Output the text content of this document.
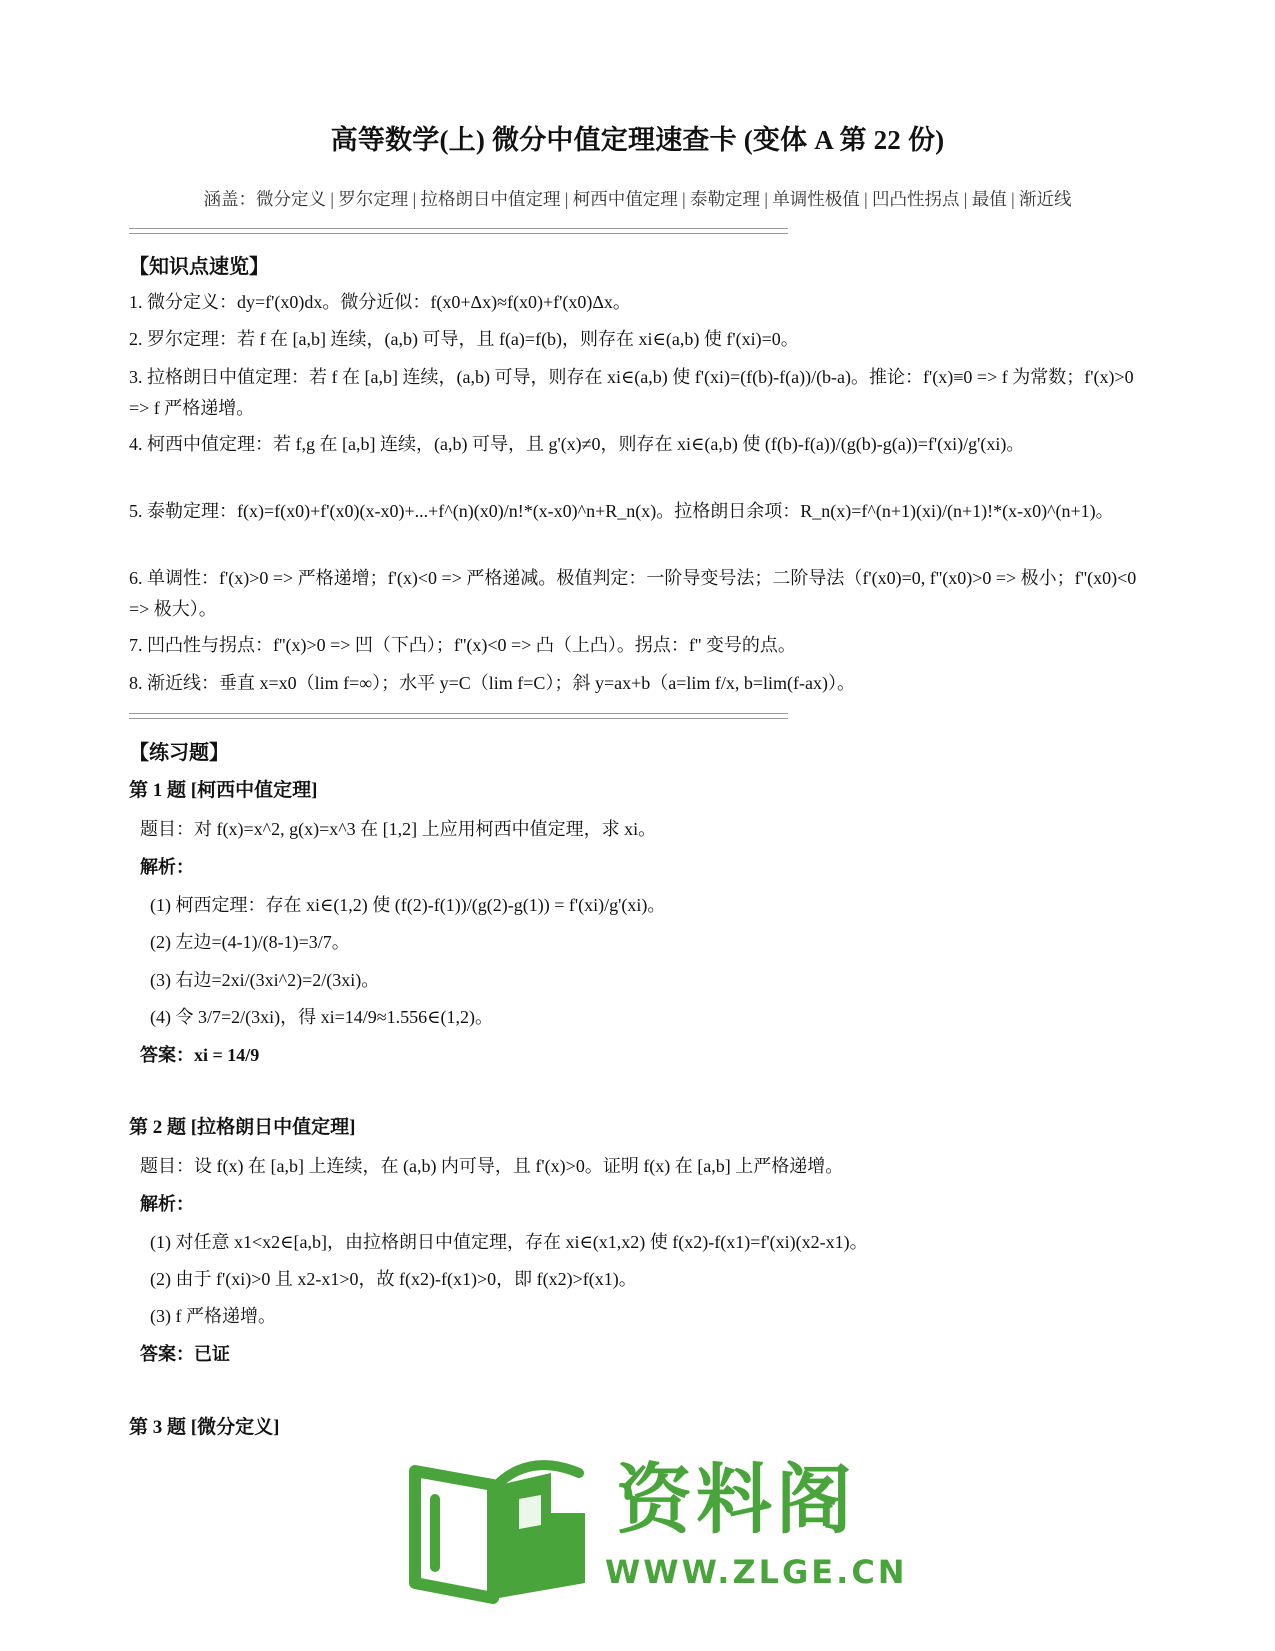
高等数学(上) 微分中值定理速查卡 (变体 A 第 22 份)
涵盖：微分定义 | 罗尔定理 | 拉格朗日中值定理 | 柯西中值定理 | 泰勒定理 | 单调性极值 | 凹凸性拐点 | 最值 | 渐近线
【知识点速览】
1. 微分定义：dy=f'(x0)dx。微分近似：f(x0+Δx)≈f(x0)+f'(x0)Δx。
2. 罗尔定理：若 f 在 [a,b] 连续，(a,b) 可导，且 f(a)=f(b)，则存在 xi∈(a,b) 使 f'(xi)=0。
3. 拉格朗日中值定理：若 f 在 [a,b] 连续，(a,b) 可导，则存在 xi∈(a,b) 使 f'(xi)=(f(b)-f(a))/(b-a)。推论：f'(x)≡0 => f 为常数；f'(x)>0 => f 严格递增。
4. 柯西中值定理：若 f,g 在 [a,b] 连续，(a,b) 可导，且 g'(x)≠0，则存在 xi∈(a,b) 使 (f(b)-f(a))/(g(b)-g(a))=f'(xi)/g'(xi)。
5. 泰勒定理：f(x)=f(x0)+f'(x0)(x-x0)+...+f^(n)(x0)/n!*(x-x0)^n+R_n(x)。拉格朗日余项：R_n(x)=f^(n+1)(xi)/(n+1)!*(x-x0)^(n+1)。
6. 单调性：f'(x)>0 => 严格递增；f'(x)<0 => 严格递减。极值判定：一阶导变号法；二阶导法（f'(x0)=0, f''(x0)>0 => 极小；f''(x0)<0 => 极大）。
7. 凹凸性与拐点：f''(x)>0 => 凹（下凸）；f''(x)<0 => 凸（上凸）。拐点：f'' 变号的点。
8. 渐近线：垂直 x=x0（lim f=∞）；水平 y=C（lim f=C）；斜 y=ax+b（a=lim f/x, b=lim(f-ax)）。
【练习题】
第 1 题 [柯西中值定理]
题目：对 f(x)=x^2, g(x)=x^3 在 [1,2] 上应用柯西中值定理，求 xi。
解析：
(1) 柯西定理：存在 xi∈(1,2) 使 (f(2)-f(1))/(g(2)-g(1)) = f'(xi)/g'(xi)。
(2) 左边=(4-1)/(8-1)=3/7。
(3) 右边=2xi/(3xi^2)=2/(3xi)。
(4) 令 3/7=2/(3xi)，得 xi=14/9≈1.556∈(1,2)。
答案：xi = 14/9
第 2 题 [拉格朗日中值定理]
题目：设 f(x) 在 [a,b] 上连续，在 (a,b) 内可导，且 f'(x)>0。证明 f(x) 在 [a,b] 上严格递增。
解析：
(1) 对任意 x1<x2∈[a,b]，由拉格朗日中值定理，存在 xi∈(x1,x2) 使 f(x2)-f(x1)=f'(xi)(x2-x1)。
(2) 由于 f'(xi)>0 且 x2-x1>0，故 f(x2)-f(x1)>0，即 f(x2)>f(x1)。
(3) f 严格递增。
答案：已证
第 3 题 [微分定义]
资料阁
WWW.ZLGE.CN
